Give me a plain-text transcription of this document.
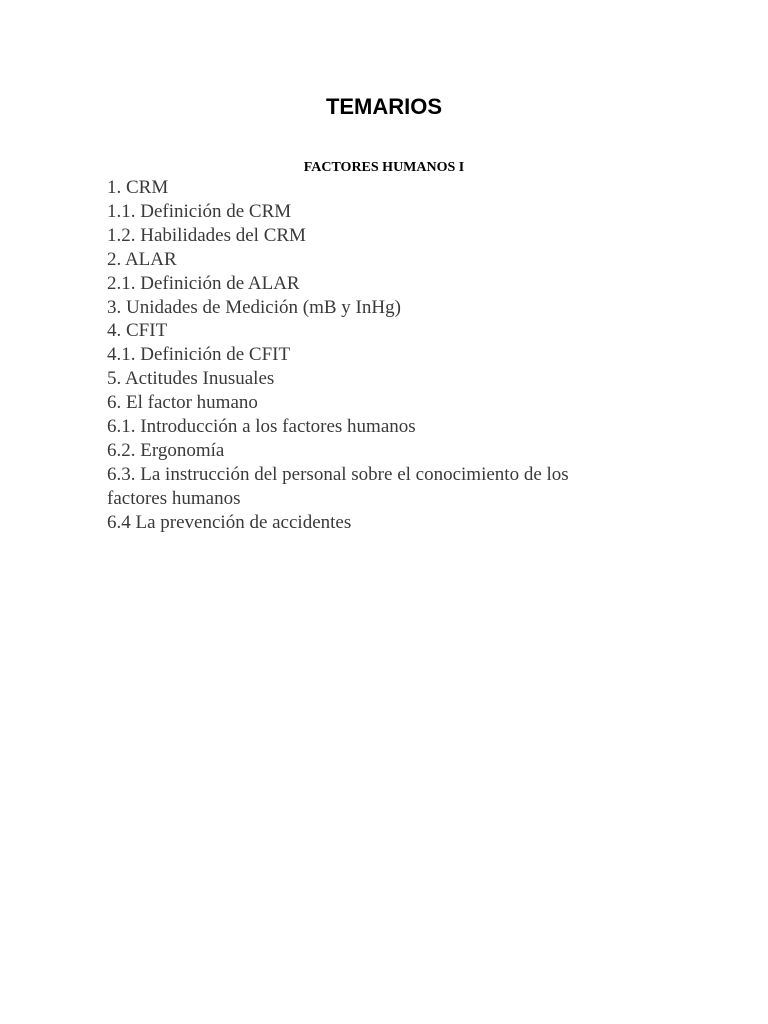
TEMARIOS
FACTORES HUMANOS I
1. CRM
1.1. Definición de CRM
1.2. Habilidades del CRM
2. ALAR
2.1. Definición de ALAR
3. Unidades de Medición (mB y InHg)
4. CFIT
4.1. Definición de CFIT
5. Actitudes Inusuales
6. El factor humano
6.1. Introducción a los factores humanos
6.2. Ergonomía
6.3. La instrucción del personal sobre el conocimiento de los factores humanos
6.4 La prevención de accidentes
